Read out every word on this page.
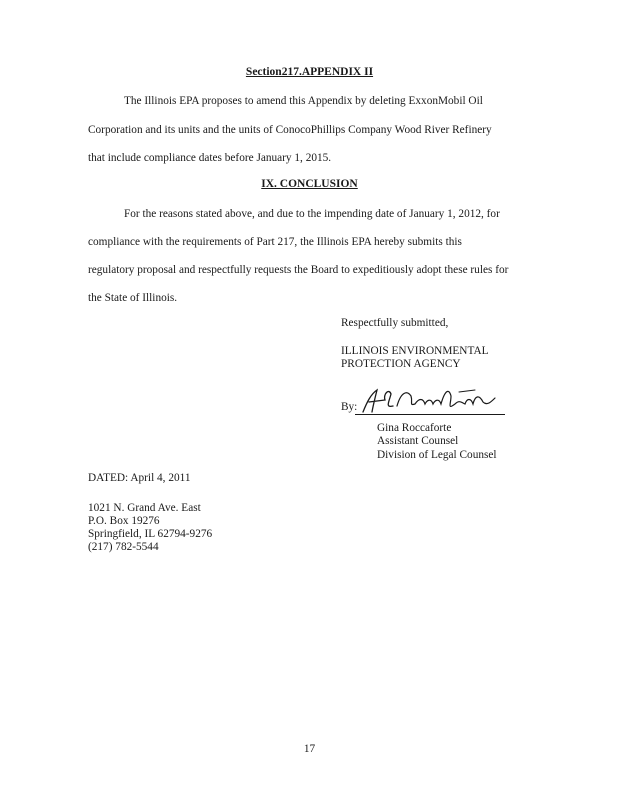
Section217.APPENDIX II
The Illinois EPA proposes to amend this Appendix by deleting ExxonMobil Oil
Corporation and its units and the units of ConocoPhillips Company Wood River Refinery
that include compliance dates before January 1, 2015.
IX. CONCLUSION
For the reasons stated above, and due to the impending date of January 1, 2012, for
compliance with the requirements of Part 217, the Illinois EPA hereby submits this
regulatory proposal and respectfully requests the Board to expeditiously adopt these rules for
the State of Illinois.
Respectfully submitted,
ILLINOIS ENVIRONMENTAL
PROTECTION AGENCY
By:
Gina Roccaforte
Assistant Counsel
Division of Legal Counsel
DATED: April 4, 2011
1021 N. Grand Ave. East
P.O. Box 19276
Springfield, IL 62794-9276
(217) 782-5544
17
